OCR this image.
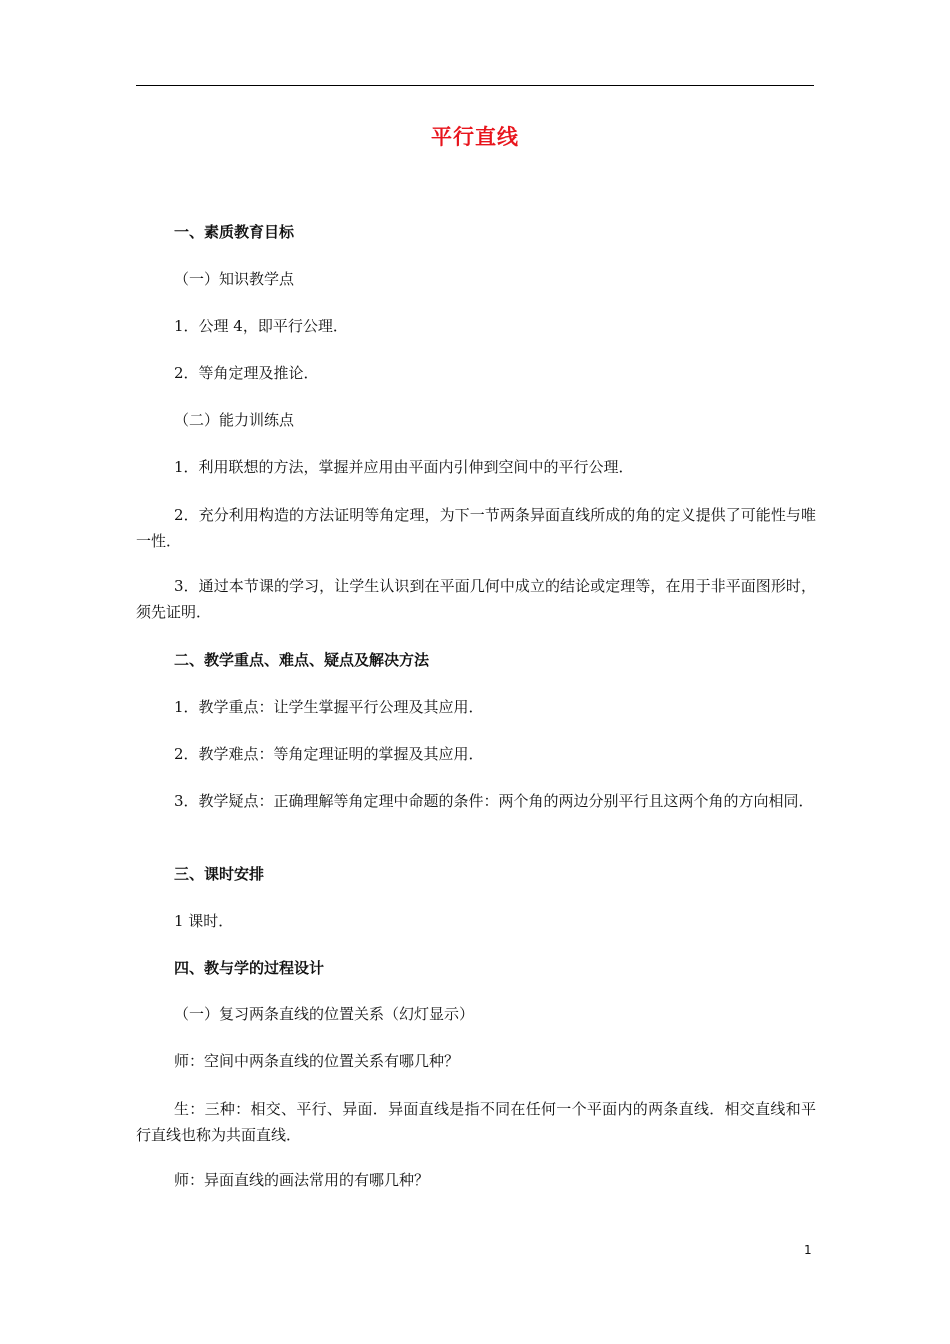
平行直线
一、素质教育目标
（一）知识教学点
1．公理 4，即平行公理．
2．等角定理及推论．
（二）能力训练点
1．利用联想的方法，掌握并应用由平面内引伸到空间中的平行公理．
2．充分利用构造的方法证明等角定理，为下一节两条异面直线所成的角的定义提供了可能性与唯一性．
3．通过本节课的学习，让学生认识到在平面几何中成立的结论或定理等，在用于非平面图形时，须先证明．
二、教学重点、难点、疑点及解决方法
1．教学重点：让学生掌握平行公理及其应用．
2．教学难点：等角定理证明的掌握及其应用．
3．教学疑点：正确理解等角定理中命题的条件：两个角的两边分别平行且这两个角的方向相同．
三、课时安排
1 课时．
四、教与学的过程设计
（一）复习两条直线的位置关系（幻灯显示）
师：空间中两条直线的位置关系有哪几种？
生：三种：相交、平行、异面．异面直线是指不同在任何一个平面内的两条直线．相交直线和平行直线也称为共面直线．
师：异面直线的画法常用的有哪几种？
1
